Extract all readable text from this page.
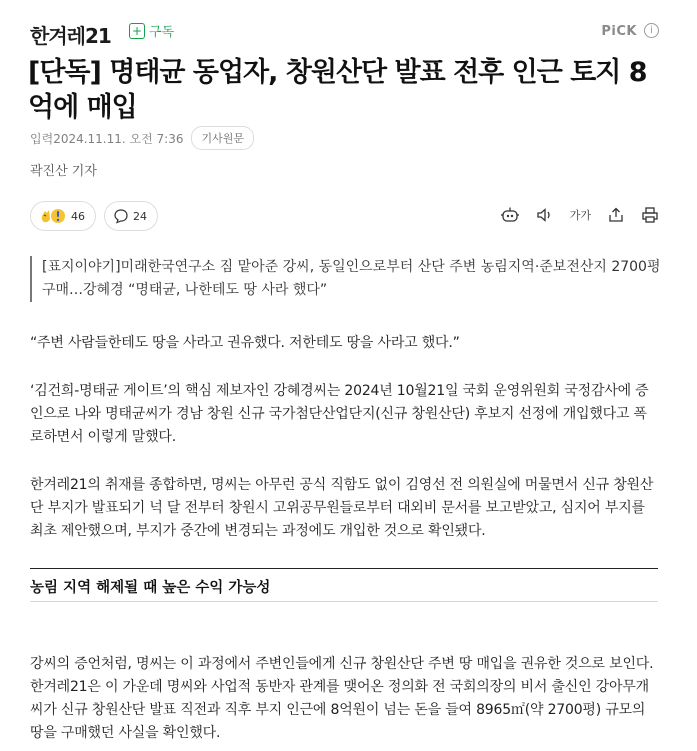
한겨레21 + 구독	PiCK	i
[단독] 명태균 동업자, 창원산단 발표 전후 인근 토지 8억에 매입
입력2024.11.11. 오전 7:36	기사원문
곽진산 기자
46	24	가가
[표지이야기]미래한국연구소 짐 맡아준 강씨, 동일인으로부터 산단 주변 농림지역·준보전산지 2700평 구매…강혜경 “명태균, 나한테도 땅 사라 했다”

“주변 사람들한테도 땅을 사라고 권유했다. 저한테도 땅을 사라고 했다.”

‘김건희-명태균 게이트’의 핵심 제보자인 강혜경씨는 2024년 10월21일 국회 운영위원회 국정감사에 증인으로 나와 명태균씨가 경남 창원 신규 국가첨단산업단지(신규 창원산단) 후보지 선정에 개입했다고 폭로하면서 이렇게 말했다.

한겨레21의 취재를 종합하면, 명씨는 아무런 공식 직함도 없이 김영선 전 의원실에 머물면서 신규 창원산단 부지가 발표되기 넉 달 전부터 창원시 고위공무원들로부터 대외비 문서를 보고받았고, 심지어 부지를 최초 제안했으며, 부지가 중간에 변경되는 과정에도 개입한 것으로 확인됐다.

농림 지역 해제될 때 높은 수익 가능성

강씨의 증언처럼, 명씨는 이 과정에서 주변인들에게 신규 창원산단 주변 땅 매입을 권유한 것으로 보인다. 한겨레21은 이 가운데 명씨와 사업적 동반자 관계를 맺어온 정의화 전 국회의장의 비서 출신인 강아무개씨가 신규 창원산단 발표 직전과 직후 부지 인근에 8억원이 넘는 돈을 들여 8965㎡(약 2700평) 규모의 땅을 구매했던 사실을 확인했다.
